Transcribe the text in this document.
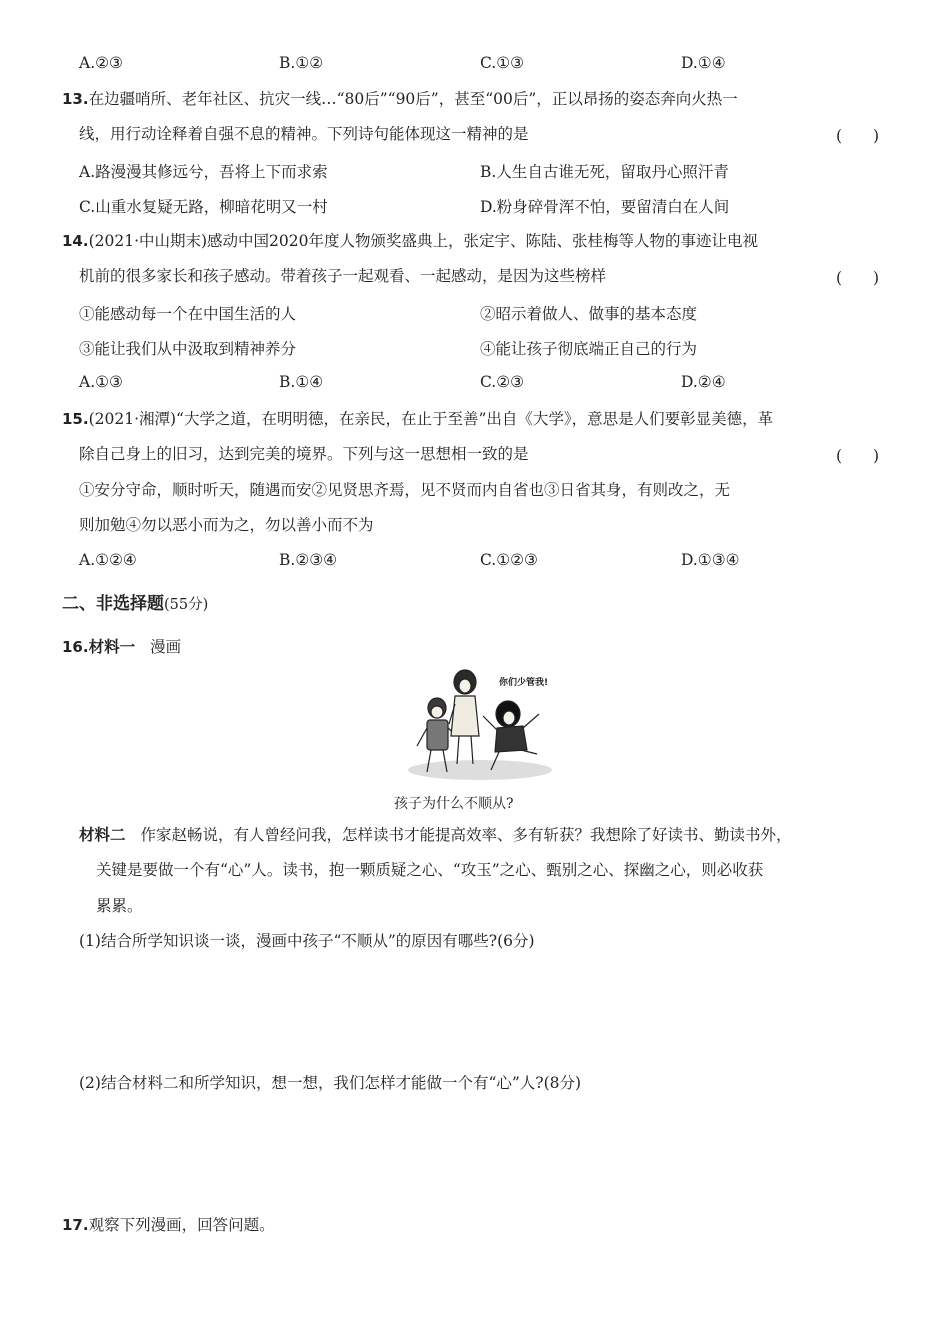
A.②③	B.①②	C.①③	D.①④
13.在边疆哨所、老年社区、抗灾一线…“80后”“90后”，甚至“00后”，正以昂扬的姿态奔向火热一
线，用行动诠释着自强不息的精神。下列诗句能体现这一精神的是	(　　)
A.路漫漫其修远兮，吾将上下而求索	B.人生自古谁无死，留取丹心照汗青
C.山重水复疑无路，柳暗花明又一村	D.粉身碎骨浑不怕，要留清白在人间
14.(2021·中山期末)感动中国2020年度人物颁奖盛典上，张定宇、陈陆、张桂梅等人物的事迹让电视
机前的很多家长和孩子感动。带着孩子一起观看、一起感动，是因为这些榜样	(　　)
①能感动每一个在中国生活的人	②昭示着做人、做事的基本态度
③能让我们从中汲取到精神养分	④能让孩子彻底端正自己的行为
A.①③	B.①④	C.②③	D.②④
15.(2021·湘潭)“大学之道，在明明德，在亲民，在止于至善”出自《大学》，意思是人们要彰显美德，革
除自己身上的旧习，达到完美的境界。下列与这一思想相一致的是	(　　)
①安分守命，顺时听天，随遇而安②见贤思齐焉，见不贤而内自省也③日省其身，有则改之，无
则加勉④勿以恶小而为之，勿以善小而不为
A.①②④	B.②③④	C.①②③	D.①③④
二、非选择题(55分)
16.材料一 漫画
你们少管我!
孩子为什么不顺从?
材料二 作家赵畅说，有人曾经问我，怎样读书才能提高效率、多有斩获？我想除了好读书、勤读书外，
关键是要做一个有“心”人。读书，抱一颗质疑之心、“攻玉”之心、甄别之心、探幽之心，则必收获
累累。
(1)结合所学知识谈一谈，漫画中孩子“不顺从”的原因有哪些?(6分)
(2)结合材料二和所学知识，想一想，我们怎样才能做一个有“心”人?(8分)
17.观察下列漫画，回答问题。
